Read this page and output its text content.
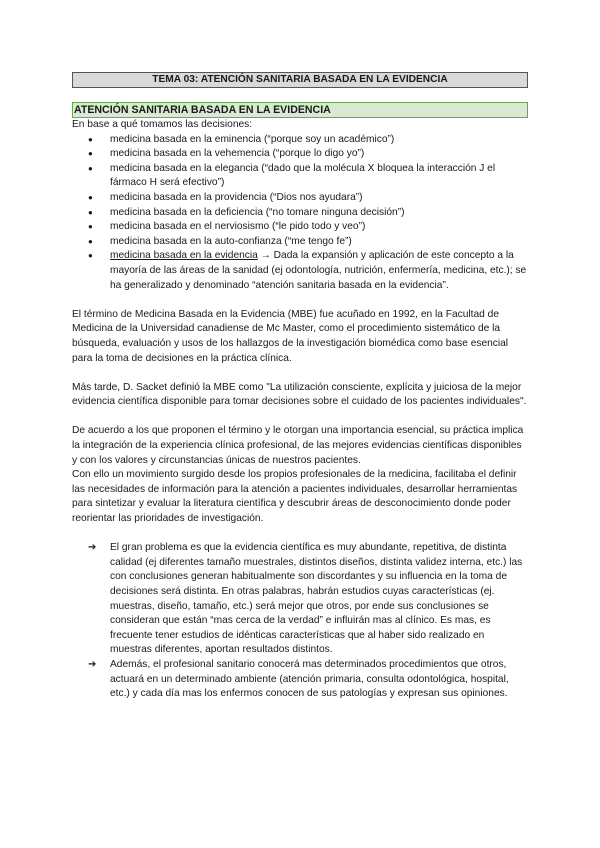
TEMA 03: ATENCIÓN SANITARIA BASADA EN LA EVIDENCIA
ATENCIÓN SANITARIA BASADA EN LA EVIDENCIA

En base a qué tomamos las decisiones:

● medicina basada en la eminencia (“porque soy un académico”)
● medicina basada en la vehemencia (“porque lo digo yo”)
● medicina basada en la elegancia (“dado que la molécula X bloquea la interacción J el fármaco H será efectivo”)
● medicina basada en la providencia (“Dios nos ayudara”)
● medicina basada en la deficiencia (“no tomare ninguna decisión”)
● medicina basada en el nerviosismo (“le pido todo y veo”)
● medicina basada en la auto-confianza (“me tengo fe”)
● medicina basada en la evidencia → Dada la expansión y aplicación de este concepto a la mayoría de las áreas de la sanidad (ej odontología, nutrición, enfermería, medicina, etc.); se ha generalizado y denominado “atención sanitaria basada en la evidencia”.

El término de Medicina Basada en la Evidencia (MBE) fue acuñado en 1992, en la Facultad de Medicina de la Universidad canadiense de Mc Master, como el procedimiento sistemático de la búsqueda, evaluación y usos de los hallazgos de la investigación biomédica como base esencial para la toma de decisiones en la práctica clínica.

Más tarde, D. Sacket definió la MBE como "La utilización consciente, explícita y juiciosa de la mejor evidencia científica disponible para tomar decisiones sobre el cuidado de los pacientes individuales".

De acuerdo a los que proponen el término y le otorgan una importancia esencial, su práctica implica la integración de la experiencia clínica profesional, de las mejores evidencias científicas disponibles y con los valores y circunstancias únicas de nuestros pacientes.

Con ello un movimiento surgido desde los propios profesionales de la medicina, facilitaba el definir las necesidades de información para la atención a pacientes individuales, desarrollar herramientas para sintetizar y evaluar la literatura científica y descubrir áreas de desconocimiento donde poder reorientar las prioridades de investigación.

➔ El gran problema es que la evidencia científica es muy abundante, repetitiva, de distinta calidad (ej diferentes tamaño muestrales, distintos diseños, distinta validez interna, etc.) las con conclusiones generan habitualmente son discordantes y su influencia en la toma de decisiones será distinta. En otras palabras, habrán estudios cuyas características (ej. muestras, diseño, tamaño, etc.) será mejor que otros, por ende sus conclusiones se consideran que están “mas cerca de la verdad” e influirán mas al clínico. Es mas, es frecuente tener estudios de idénticas características que al haber sido realizado en muestras diferentes, aportan resultados distintos.
➔ Además, el profesional sanitario conocerá mas determinados procedimientos que otros, actuará en un determinado ambiente (atención primaria, consulta odontológica, hospital, etc.) y cada día mas los enfermos conocen de sus patologías y expresan sus opiniones.
